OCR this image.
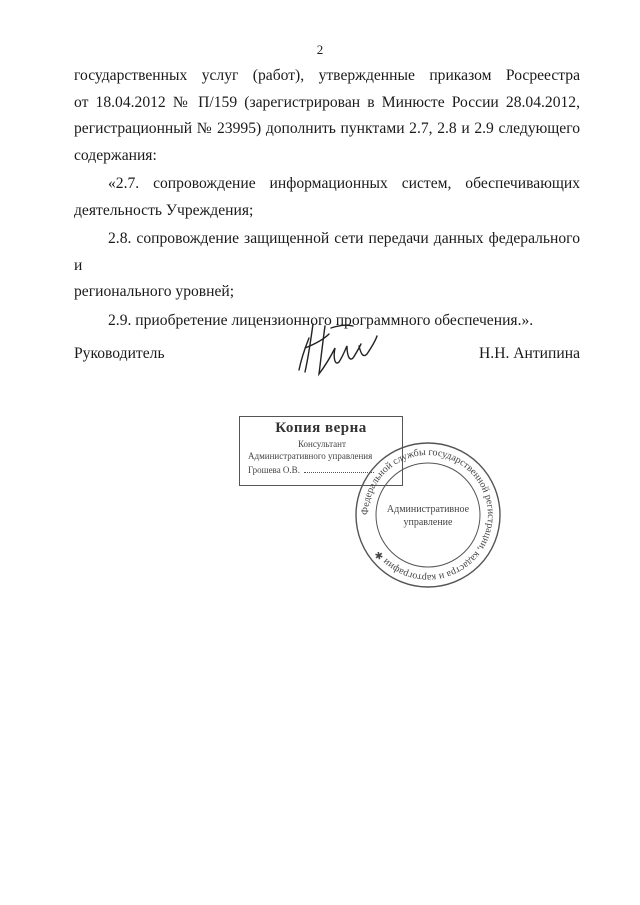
2

государственных услуг (работ), утвержденные приказом Росреестра

от 18.04.2012 № П/159 (зарегистрирован в Минюсте России 28.04.2012,

регистрационный № 23995) дополнить пунктами 2.7, 2.8 и 2.9 следующего

содержания:

«2.7. сопровождение информационных систем, обеспечивающих

деятельность Учреждения;

2.8. сопровождение защищенной сети передачи данных федерального и

регионального уровней;

2.9. приобретение лицензионного программного обеспечения.».

Руководитель	Н.Н. Антипина
Копия верна
Консультант
Административного управления
Грошева О.В.
Федеральной службы государственной регистрации, кадастра и картографии ✱
Административное
управление
